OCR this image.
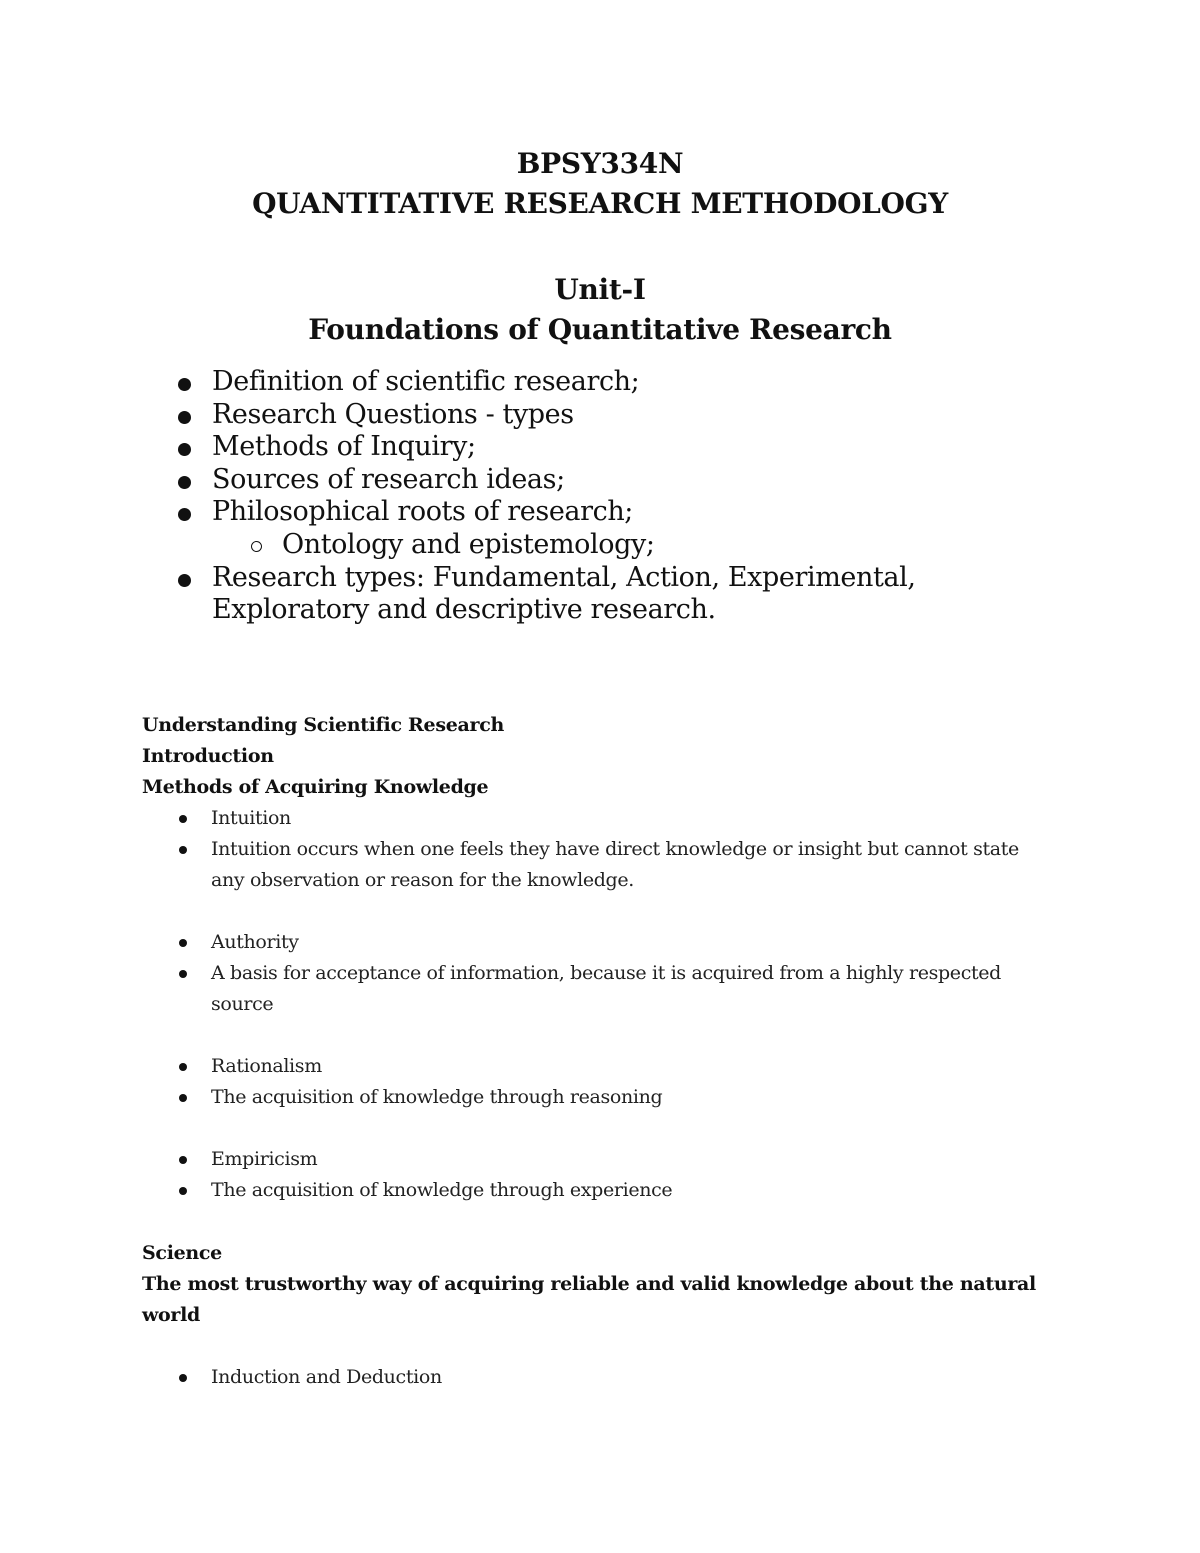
BPSY334N
QUANTITATIVE RESEARCH METHODOLOGY
Unit-I
Foundations of Quantitative Research
Definition of scientific research;
Research Questions - types
Methods of Inquiry;
Sources of research ideas;
Philosophical roots of research;
Ontology and epistemology;
Research types: Fundamental, Action, Experimental, Exploratory and descriptive research.
Understanding Scientific Research
Introduction
Methods of Acquiring Knowledge
Intuition
Intuition occurs when one feels they have direct knowledge or insight but cannot state any observation or reason for the knowledge.
Authority
A basis for acceptance of information, because it is acquired from a highly respected source
Rationalism
The acquisition of knowledge through reasoning
Empiricism
The acquisition of knowledge through experience
Science
The most trustworthy way of acquiring reliable and valid knowledge about the natural world
Induction and Deduction
